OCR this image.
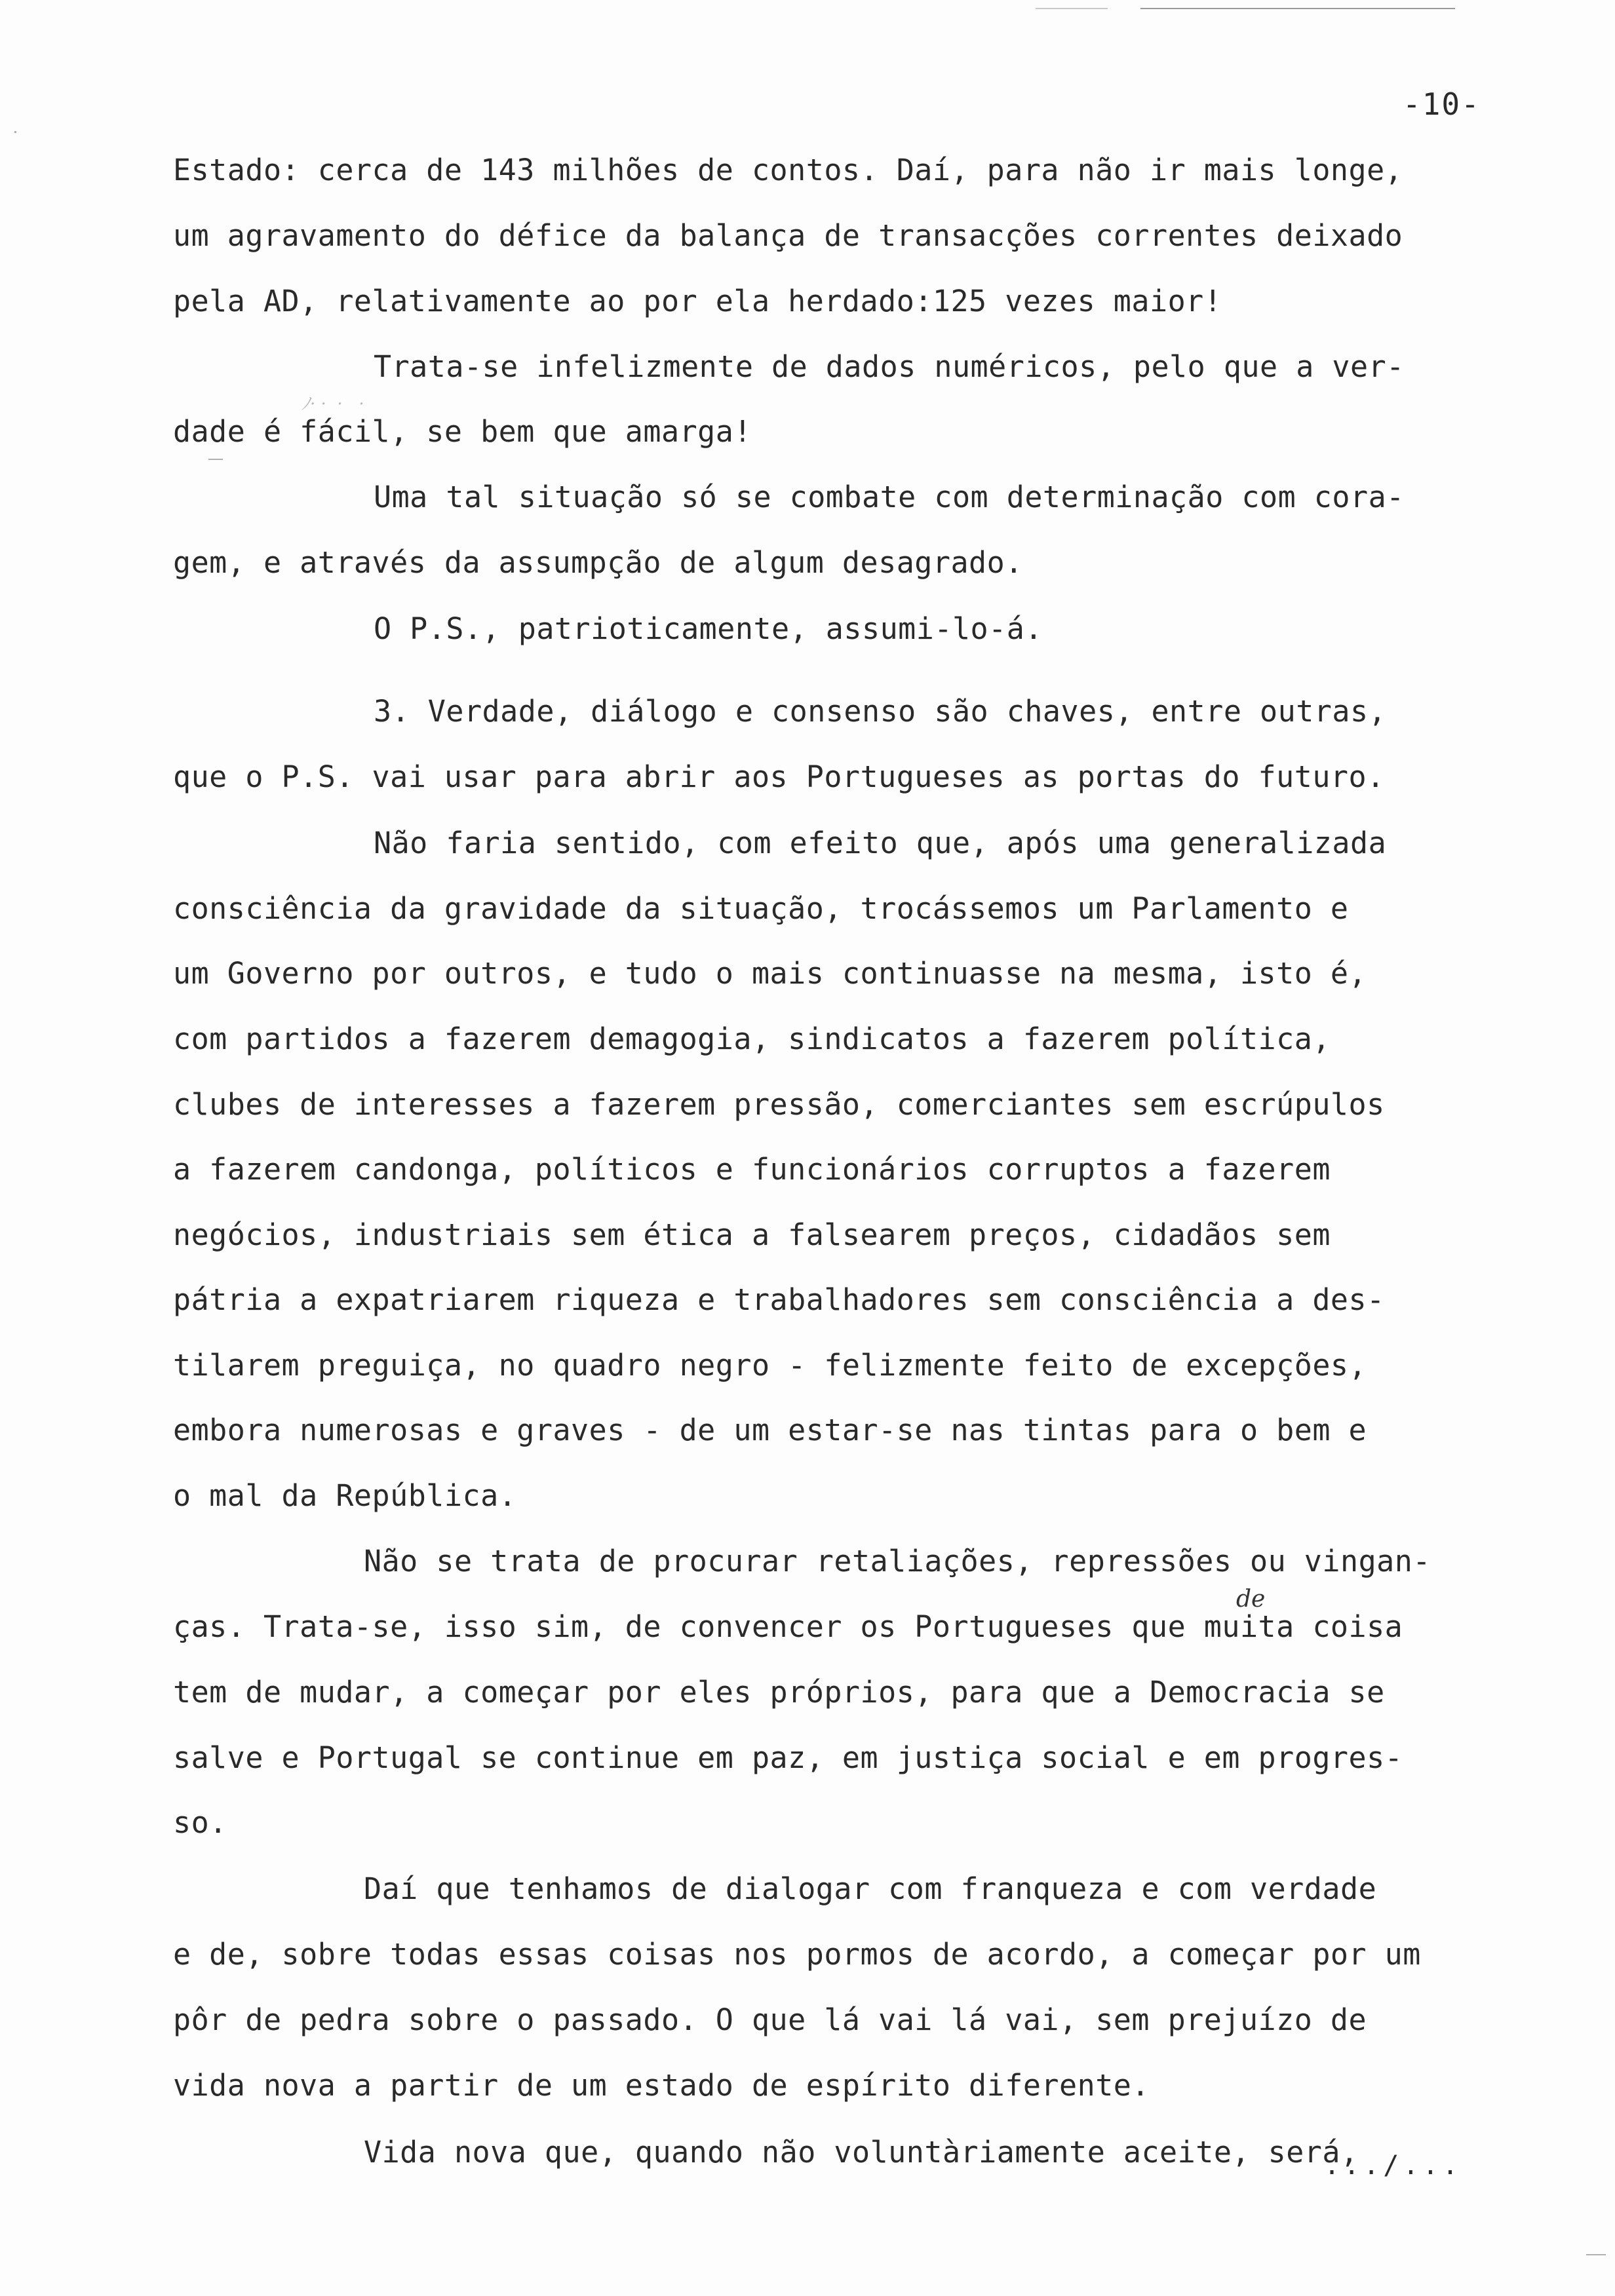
-10-
Estado: cerca de 143 milhões de contos. Daí, para não ir mais longe,
um agravamento do défice da balança de transacções correntes deixado
pela AD, relativamente ao por ela herdado:125 vezes maior!
Trata-se infelizmente de dados numéricos, pelo que a ver-
ﾉ· ·  ·   ·
dade é fácil, se bem que amarga!
Uma tal situação só se combate com determinação com cora-
gem, e através da assumpção de algum desagrado.
O P.S., patrioticamente, assumi-lo-á.
3. Verdade, diálogo e consenso são chaves, entre outras,
que o P.S. vai usar para abrir aos Portugueses as portas do futuro.
Não faria sentido, com efeito que, após uma generalizada
consciência da gravidade da situação, trocássemos um Parlamento e
um Governo por outros, e tudo o mais continuasse na mesma, isto é,
com partidos a fazerem demagogia, sindicatos a fazerem política,
clubes de interesses a fazerem pressão, comerciantes sem escrúpulos
a fazerem candonga, políticos e funcionários corruptos a fazerem
negócios, industriais sem ética a falsearem preços, cidadãos sem
pátria a expatriarem riqueza e trabalhadores sem consciência a des-
tilarem preguiça, no quadro negro - felizmente feito de excepções,
embora numerosas e graves - de um estar-se nas tintas para o bem e
o mal da República.
Não se trata de procurar retaliações, repressões ou vingan-
de
ças. Trata-se, isso sim, de convencer os Portugueses que muita coisa
tem de mudar, a começar por eles próprios, para que a Democracia se
salve e Portugal se continue em paz, em justiça social e em progres-
so.
Daí que tenhamos de dialogar com franqueza e com verdade
e de, sobre todas essas coisas nos pormos de acordo, a começar por um
pôr de pedra sobre o passado. O que lá vai lá vai, sem prejuízo de
vida nova a partir de um estado de espírito diferente.
Vida nova que, quando não voluntàriamente aceite, será,
.../...
